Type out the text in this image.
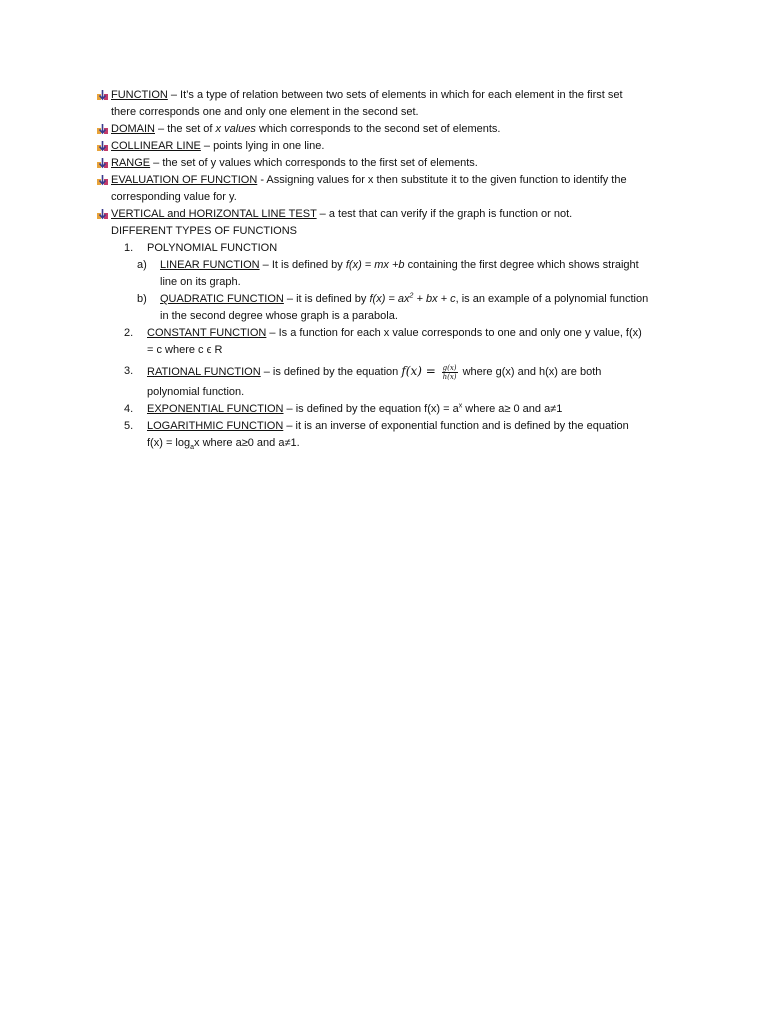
FUNCTION – It’s a type of relation between two sets of elements in which for each element in the first set
there corresponds one and only one element in the second set.
DOMAIN – the set of x values which corresponds to the second set of elements.
COLLINEAR LINE – points lying in one line.
RANGE – the set of y values which corresponds to the first set of elements.
EVALUATION OF FUNCTION - Assigning values for x then substitute it to the given function to identify the
corresponding value for y.
VERTICAL and HORIZONTAL LINE TEST – a test that can verify if the graph is function or not.
DIFFERENT TYPES OF FUNCTIONS
1. POLYNOMIAL FUNCTION
a) LINEAR FUNCTION – It is defined by f(x) = mx +b containing the first degree which shows straight
line on its graph.
b) QUADRATIC FUNCTION – it is defined by $f(x) = ax^2$ + bx + c, is an example of a polynomial function
in the second degree whose graph is a parabola.
2. CONSTANT FUNCTION – Is a function for each x value corresponds to one and only one y value, f(x)
= c where c ϵ R
3. RATIONAL FUNCTION – is defined by the equation $f(x) = \frac{g(x)}{h(x)}$ where g(x) and h(x) are both
polynomial function.
4. EXPONENTIAL FUNCTION – is defined by the equation $f(x) = a^x$ where a≥ 0 and a≠1
5. LOGARITHMIC FUNCTION – it is an inverse of exponential function and is defined by the equation
$f(x) = \log_ax$ where a≥0 and a≠1.
